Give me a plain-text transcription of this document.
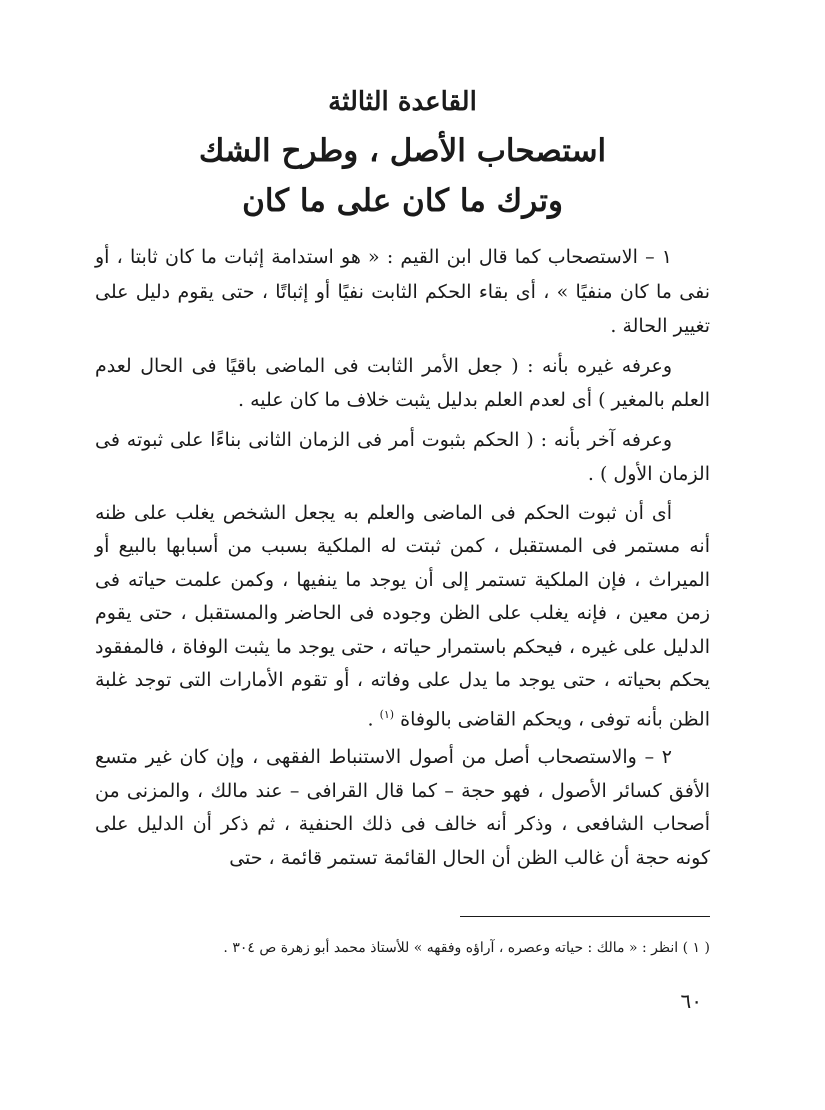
القاعدة الثالثة
استصحاب الأصل ، وطرح الشك
وترك ما كان على ما كان

١ – الاستصحاب كما قال ابن القيم : « هو استدامة إثبات ما كان ثابتا ، أو نفى ما كان منفيًا » ، أى بقاء الحكم الثابت نفيًا أو إثباتًا ، حتى يقوم دليل على تغيير الحالة .

وعرفه غيره بأنه : ( جعل الأمر الثابت فى الماضى باقيًا فى الحال لعدم العلم بالمغير ) أى لعدم العلم بدليل يثبت خلاف ما كان عليه .

وعرفه آخر بأنه : ( الحكم بثبوت أمر فى الزمان الثانى بناءًا على ثبوته فى الزمان الأول ) .

أى أن ثبوت الحكم فى الماضى والعلم به يجعل الشخص يغلب على ظنه أنه مستمر فى المستقبل ، كمن ثبتت له الملكية بسبب من أسبابها بالبيع أو الميراث ، فإن الملكية تستمر إلى أن يوجد ما ينفيها ، وكمن علمت حياته فى زمن معين ، فإنه يغلب على الظن وجوده فى الحاضر والمستقبل ، حتى يقوم الدليل على غيره ، فيحكم باستمرار حياته ، حتى يوجد ما يثبت الوفاة ، فالمفقود يحكم بحياته ، حتى يوجد ما يدل على وفاته ، أو تقوم الأمارات التى توجد غلبة الظن بأنه توفى ، ويحكم القاضى بالوفاة $^{(١)}$ .

٢ – والاستصحاب أصل من أصول الاستنباط الفقهى ، وإن كان غير متسع الأفق كسائر الأصول ، فهو حجة – كما قال القرافى – عند مالك ، والمزنى من أصحاب الشافعى ، وذكر أنه خالف فى ذلك الحنفية ، ثم ذكر أن الدليل على كونه حجة أن غالب الظن أن الحال القائمة تستمر قائمة ، حتى

( ١ ) انظر : « مالك : حياته وعصره ، آراؤه وفقهه » للأستاذ محمد أبو زهرة ص ٣٠٤ .
٦٠
